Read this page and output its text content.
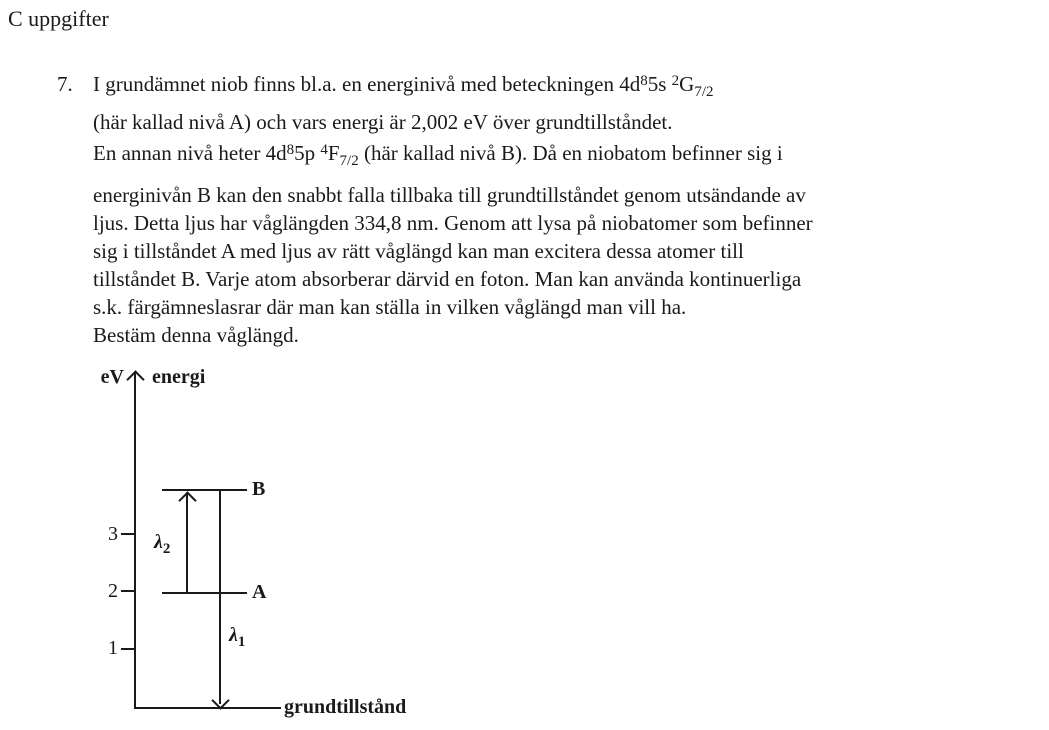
C uppgifter
7. I grundämnet niob finns bl.a. en energinivå med beteckningen $4d^85s$ $^2G_{7/2}$
(här kallad nivå A) och vars energi är 2,002 eV över grundtillståndet.
En annan nivå heter $4d^85p$ $^4F_{7/2}$ (här kallad nivå B). Då en niobatom befinner sig i
energinivån B kan den snabbt falla tillbaka till grundtillståndet genom utsändande av
ljus. Detta ljus har våglängden 334,8 nm. Genom att lysa på niobatomer som befinner
sig i tillståndet A med ljus av rätt våglängd kan man excitera dessa atomer till
tillståndet B. Varje atom absorberar därvid en foton. Man kan använda kontinuerliga
s.k. färgämneslasrar där man kan ställa in vilken våglängd man vill ha.
Bestäm denna våglängd.
eV energi
3
2
1
B
A
$\lambda_2$
$\lambda_1$
grundtillstånd
